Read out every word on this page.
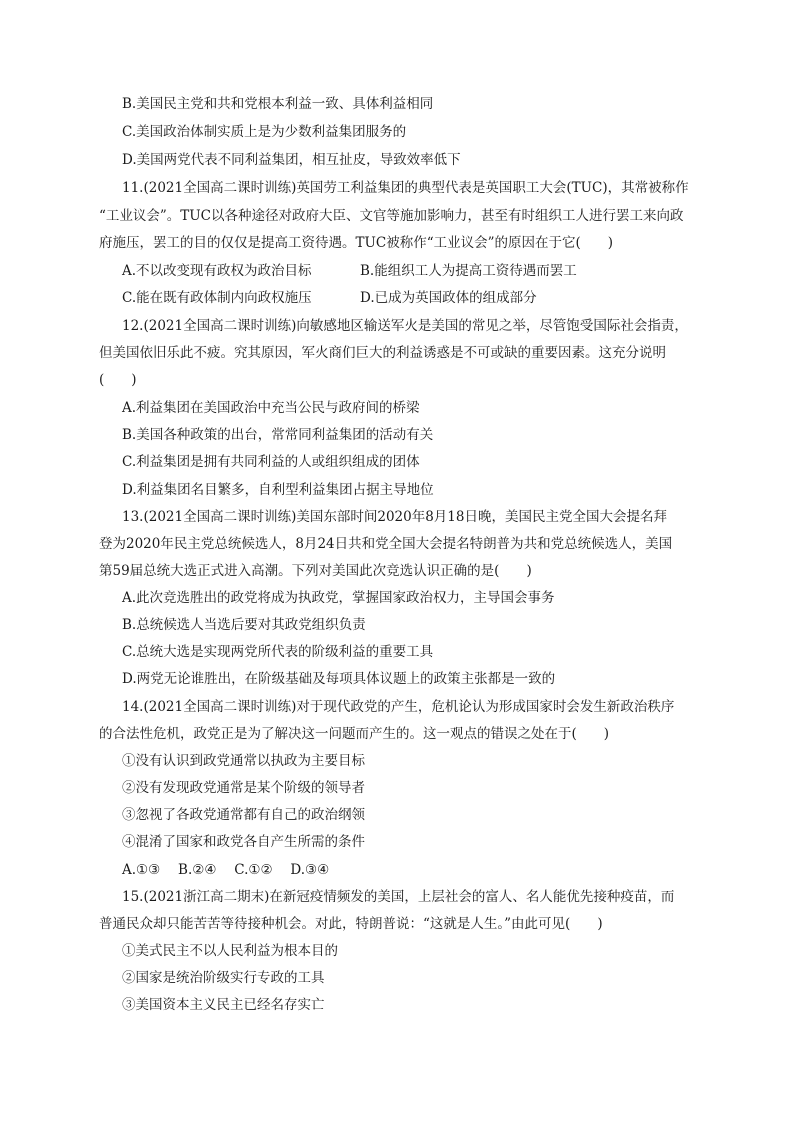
B.美国民主党和共和党根本利益一致、具体利益相同
C.美国政治体制实质上是为少数利益集团服务的
D.美国两党代表不同利益集团，相互扯皮，导致效率低下
11.(2021全国高二课时训练)英国劳工利益集团的典型代表是英国职工大会(TUC)，其常被称作
“工业议会”。TUC以各种途径对政府大臣、文官等施加影响力，甚至有时组织工人进行罢工来向政
府施压，罢工的目的仅仅是提高工资待遇。TUC被称作“工业议会”的原因在于它(　　)
A.不以改变现有政权为政治目标	B.能组织工人为提高工资待遇而罢工
C.能在既有政体制内向政权施压	D.已成为英国政体的组成部分
12.(2021全国高二课时训练)向敏感地区输送军火是美国的常见之举，尽管饱受国际社会指责，
但美国依旧乐此不疲。究其原因，军火商们巨大的利益诱惑是不可或缺的重要因素。这充分说明
(　　)
A.利益集团在美国政治中充当公民与政府间的桥梁
B.美国各种政策的出台，常常同利益集团的活动有关
C.利益集团是拥有共同利益的人或组织组成的团体
D.利益集团名目繁多，自利型利益集团占据主导地位
13.(2021全国高二课时训练)美国东部时间2020年8月18日晚，美国民主党全国大会提名拜
登为2020年民主党总统候选人，8月24日共和党全国大会提名特朗普为共和党总统候选人，美国
第59届总统大选正式进入高潮。下列对美国此次竞选认识正确的是(　　)
A.此次竞选胜出的政党将成为执政党，掌握国家政治权力，主导国会事务
B.总统候选人当选后要对其政党组织负责
C.总统大选是实现两党所代表的阶级利益的重要工具
D.两党无论谁胜出，在阶级基础及每项具体议题上的政策主张都是一致的
14.(2021全国高二课时训练)对于现代政党的产生，危机论认为形成国家时会发生新政治秩序
的合法性危机，政党正是为了解决这一问题而产生的。这一观点的错误之处在于(　　)
①没有认识到政党通常以执政为主要目标
②没有发现政党通常是某个阶级的领导者
③忽视了各政党通常都有自己的政治纲领
④混淆了国家和政党各自产生所需的条件
A.①③　 B.②④　 C.①②　 D.③④
15.(2021浙江高二期末)在新冠疫情频发的美国，上层社会的富人、名人能优先接种疫苗，而
普通民众却只能苦苦等待接种机会。对此，特朗普说：“这就是人生。”由此可见(　　)
①美式民主不以人民利益为根本目的
②国家是统治阶级实行专政的工具
③美国资本主义民主已经名存实亡
